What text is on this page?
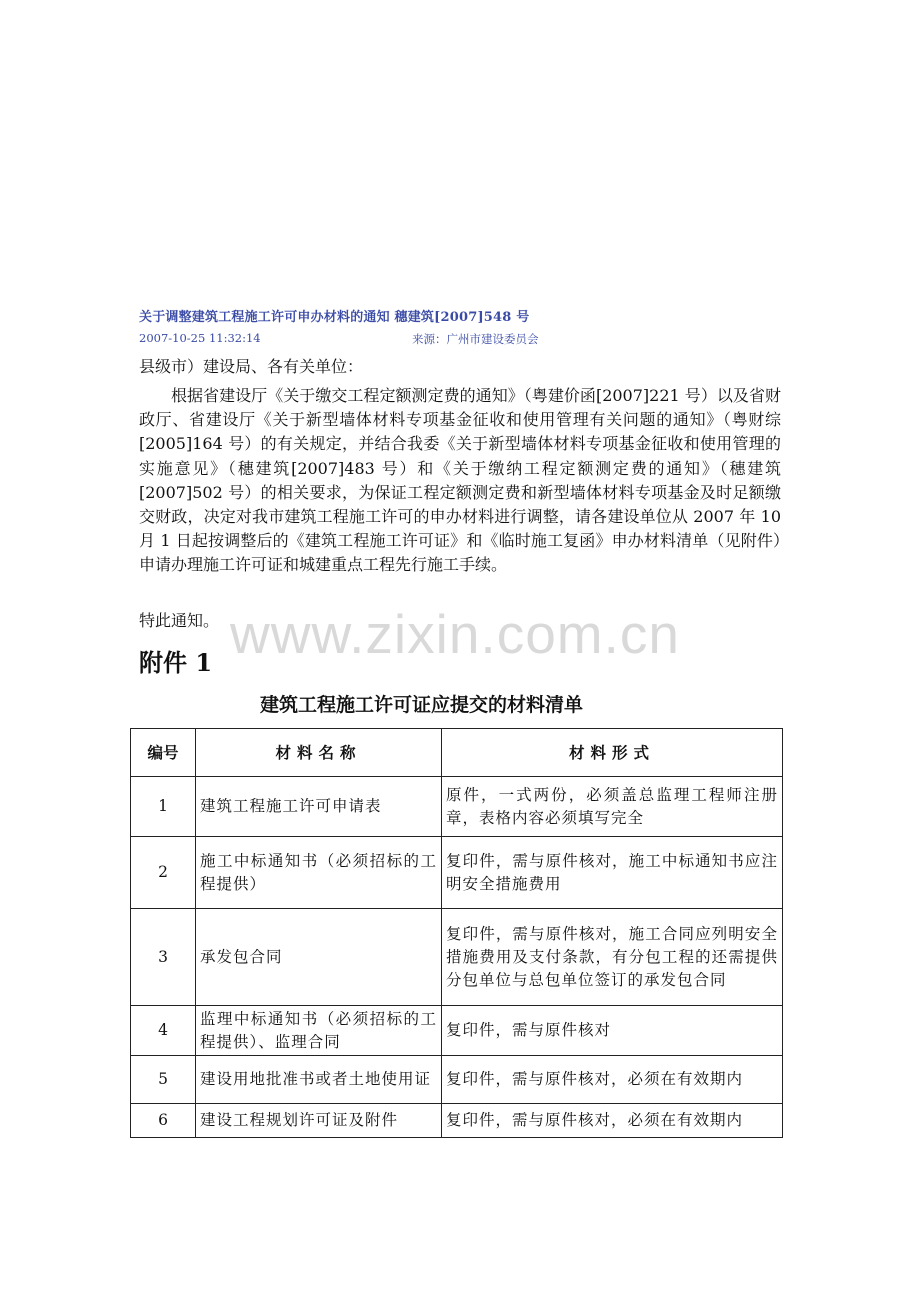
关于调整建筑工程施工许可申办材料的通知 穗建筑[2007]548 号
2007-10-25 11:32:14	来源：广州市建设委员会
县级市）建设局、各有关单位：
根据省建设厅《关于缴交工程定额测定费的通知》（粤建价函[2007]221 号）以及省财政厅、省建设厅《关于新型墙体材料专项基金征收和使用管理有关问题的通知》（粤财综[2005]164 号）的有关规定，并结合我委《关于新型墙体材料专项基金征收和使用管理的实施意见》（穗建筑[2007]483 号）和《关于缴纳工程定额测定费的通知》（穗建筑[2007]502 号）的相关要求，为保证工程定额测定费和新型墙体材料专项基金及时足额缴交财政，决定对我市建筑工程施工许可的申办材料进行调整，请各建设单位从 2007 年 10 月 1 日起按调整后的《建筑工程施工许可证》和《临时施工复函》申办材料清单（见附件）申请办理施工许可证和城建重点工程先行施工手续。
www.zixin.com.cn
特此通知。
附件 1
建筑工程施工许可证应提交的材料清单
编号	材料名称	材料形式
1	建筑工程施工许可申请表	原件，一式两份，必须盖总监理工程师注册章，表格内容必须填写完全
2	施工中标通知书（必须招标的工程提供）	复印件，需与原件核对，施工中标通知书应注明安全措施费用
3	承发包合同	复印件，需与原件核对，施工合同应列明安全措施费用及支付条款，有分包工程的还需提供分包单位与总包单位签订的承发包合同
4	监理中标通知书（必须招标的工程提供）、监理合同	复印件，需与原件核对
5	建设用地批准书或者土地使用证	复印件，需与原件核对，必须在有效期内
6	建设工程规划许可证及附件	复印件，需与原件核对，必须在有效期内
